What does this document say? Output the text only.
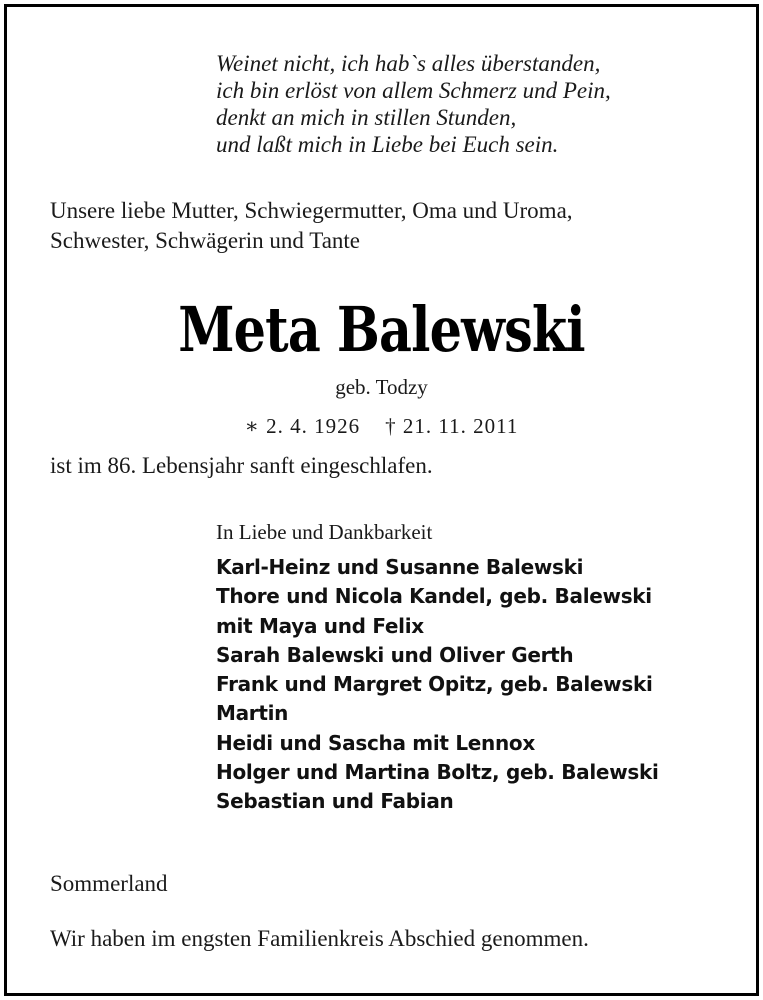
Weinet nicht, ich hab`s alles überstanden,
ich bin erlöst von allem Schmerz und Pein,
denkt an mich in stillen Stunden,
und laßt mich in Liebe bei Euch sein.
Unsere liebe Mutter, Schwiegermutter, Oma und Uroma,
Schwester, Schwägerin und Tante
Meta Balewski
geb. Todzy
∗ 2. 4. 1926 † 21. 11. 2011
ist im 86. Lebensjahr sanft eingeschlafen.
In Liebe und Dankbarkeit
Karl-Heinz und Susanne Balewski
Thore und Nicola Kandel, geb. Balewski
mit Maya und Felix
Sarah Balewski und Oliver Gerth
Frank und Margret Opitz, geb. Balewski
Martin
Heidi und Sascha mit Lennox
Holger und Martina Boltz, geb. Balewski
Sebastian und Fabian
Sommerland
Wir haben im engsten Familienkreis Abschied genommen.
